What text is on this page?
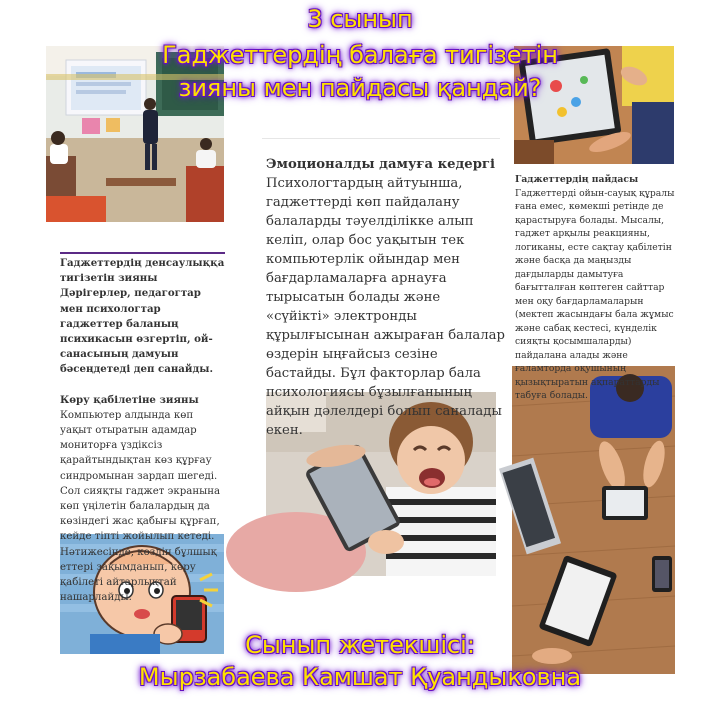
Гаджеттердің денсаулыққа тигізетін зияны
Дәрігерлер, педагогтар мен психологтар гаджеттер баланың психикасын өзгертіп, ой-санасының дамуын бәсеңдетеді деп санайды.
Көру қабілетіне зияны
Компьютер алдында көп уақыт отыратын адамдар мониторға үздіксіз қарайтындықтан көз құрғау синдромынан зардап шегеді. Сол сияқты гаджет экранына көп үңілетін балалардың да көзіндегі жас қабығы құрғап, кейде тіпті жойылып кетеді. Нәтижесінде, көздің бұлшық еттері зақымданып, көру қабілеті айтарлықтай нашарлайды.
Эмоционалды дамуға кедергі
Психологтардың айтуынша, гаджеттерді көп пайдалану балаларды тәуелділікке алып келіп, олар бос уақытын тек компьютерлік ойындар мен бағдарламаларға арнауға тырысатын болады және «сүйікті» электронды құрылғысынан ажыраған балалар өздерін ыңғайсыз сезіне бастайды. Бұл факторлар бала психологиясы бұзылғанының айқын дәлелдері болып саналады екен.
Гаджеттердің пайдасы
Гаджеттерді ойын-сауық құралы ғана емес, көмекші ретінде де қарастыруға болады. Мысалы, гаджет арқылы реакцияны, логиканы, есте сақтау қабілетін және басқа да маңызды дағдыларды дамытуға бағытталған көптеген сайттар мен оқу бағдарламаларын (мектеп жасындағы бала жұмыс және сабақ кестесі, күнделік сияқты қосымшаларды) пайдалана алады және ғаламторда оқушының қызықтыратын ақпараттарды табуға болады.
3 сынып
Гаджеттердің балаға тигізетін
зияны мен пайдасы қандай?
Сынып жетекшісі:
Мырзабаева Камшат Қуандыковна
